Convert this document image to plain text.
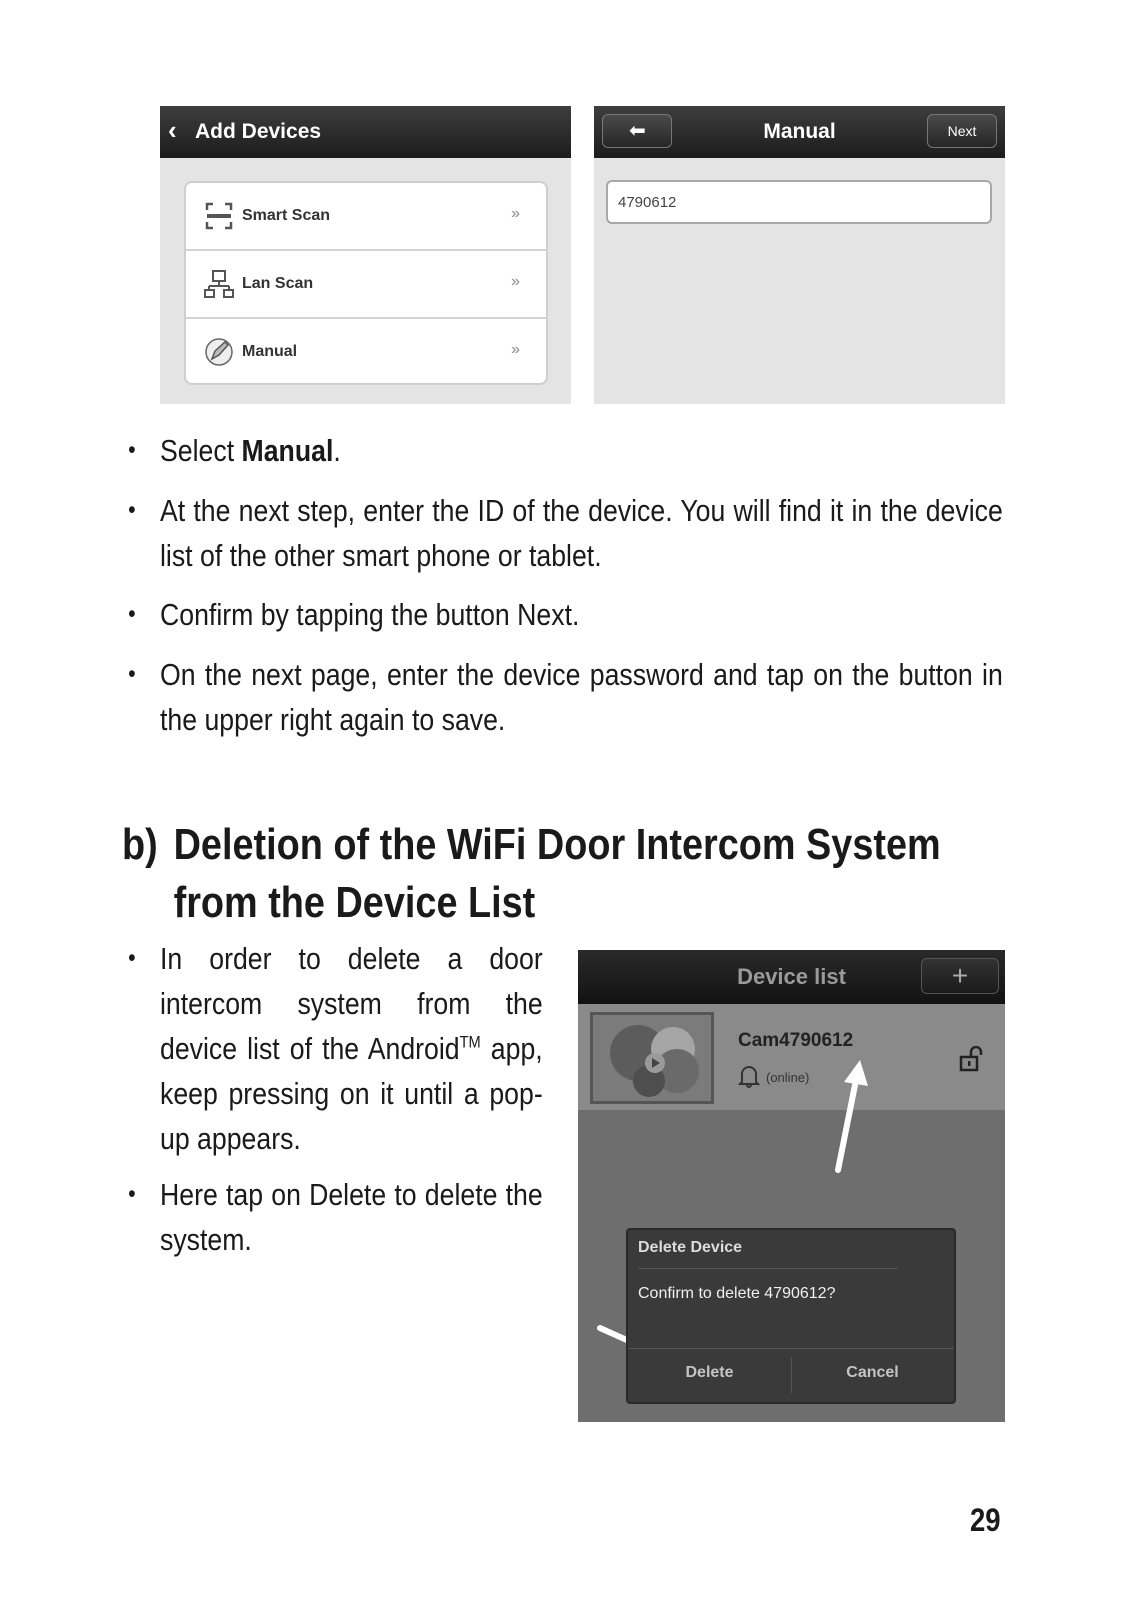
‹ Add Devices
Smart Scan	»
Lan Scan	»
Manual	»
⬅	Manual	Next
4790612
• Select Manual.
• At the next step, enter the ID of the device. You will find it in the device list of the other smart phone or tablet.
• Confirm by tapping the button Next.
• On the next page, enter the device password and tap on the button in the upper right again to save.
b) Deletion of the WiFi Door Intercom System
from the Device List
• In order to delete a door intercom system from the device list of the Android™ app, keep pressing on it until a pop-up appears.
• Here tap on Delete to delete the system.
Device list	+
Cam4790612
(online)
Delete Device
Confirm to delete 4790612?
Delete	Cancel
29
